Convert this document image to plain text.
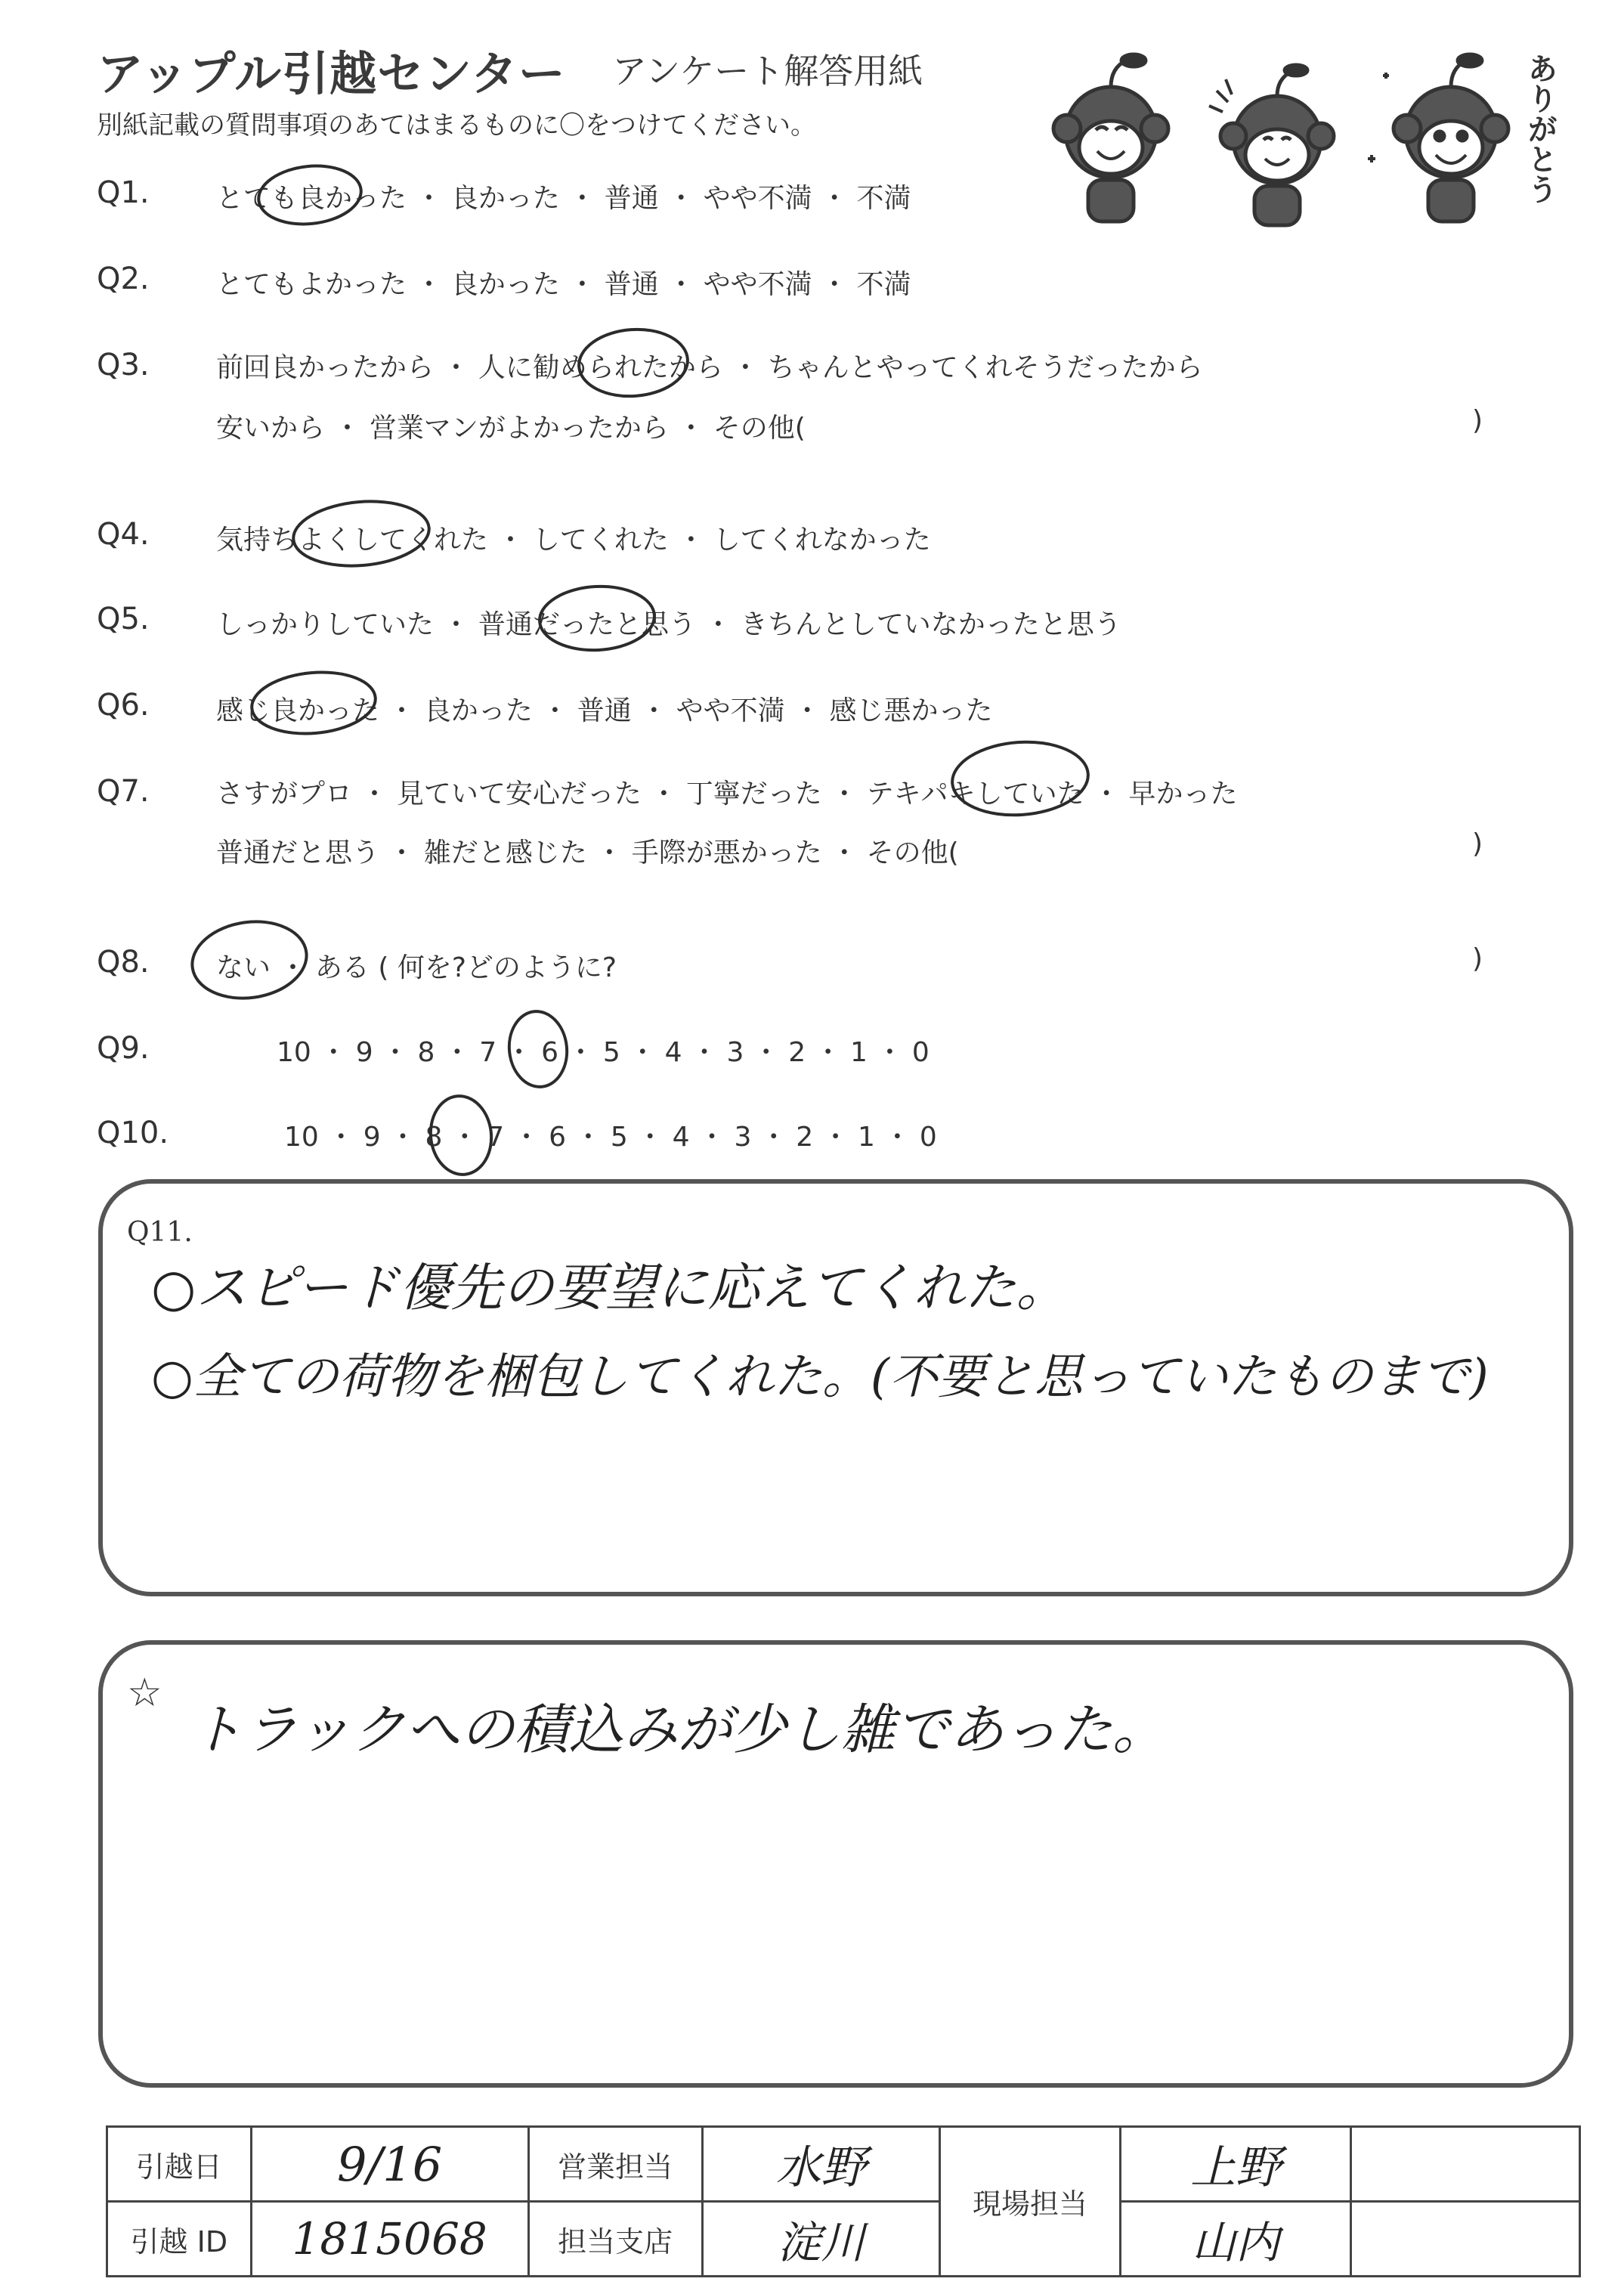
アップル引越センター アンケート解答用紙
別紙記載の質問事項のあてはまるものに〇をつけてください。	ありがとう
Q1. とても良かった ・ 良かった ・ 普通 ・ やや不満 ・ 不満
Q2. とてもよかった ・ 良かった ・ 普通 ・ やや不満 ・ 不満
Q3. 前回良かったから ・ 人に勧められたから ・ ちゃんとやってくれそうだったから
安いから ・ 営業マンがよかったから ・ その他(	)
Q4. 気持ちよくしてくれた ・ してくれた ・ してくれなかった
Q5. しっかりしていた ・ 普通だったと思う ・ きちんとしていなかったと思う
Q6. 感じ良かった ・ 良かった ・ 普通 ・ やや不満 ・ 感じ悪かった
Q7. さすがプロ ・ 見ていて安心だった ・ 丁寧だった ・ テキパキしていた ・ 早かった
普通だと思う ・ 雑だと感じた ・ 手際が悪かった ・ その他(	)
Q8. ない ・ ある ( 何を?どのように?	)
Q9.	10 ・ 9 ・ 8 ・ 7 ・ 6 ・ 5 ・ 4 ・ 3 ・ 2 ・ 1 ・ 0
Q10.	10 ・ 9 ・ 8 ・ 7 ・ 6 ・ 5 ・ 4 ・ 3 ・ 2 ・ 1 ・ 0
Q11.
○スピード優先の要望に応えてくれた。
○全ての荷物を梱包してくれた。(不要と思っていたものまで)
☆
トラックへの積込みが少し雑であった。
引越日	9/16	営業担当	水野	現場担当	上野	
引越 ID	1815068	担当支店	淀川		山内	
